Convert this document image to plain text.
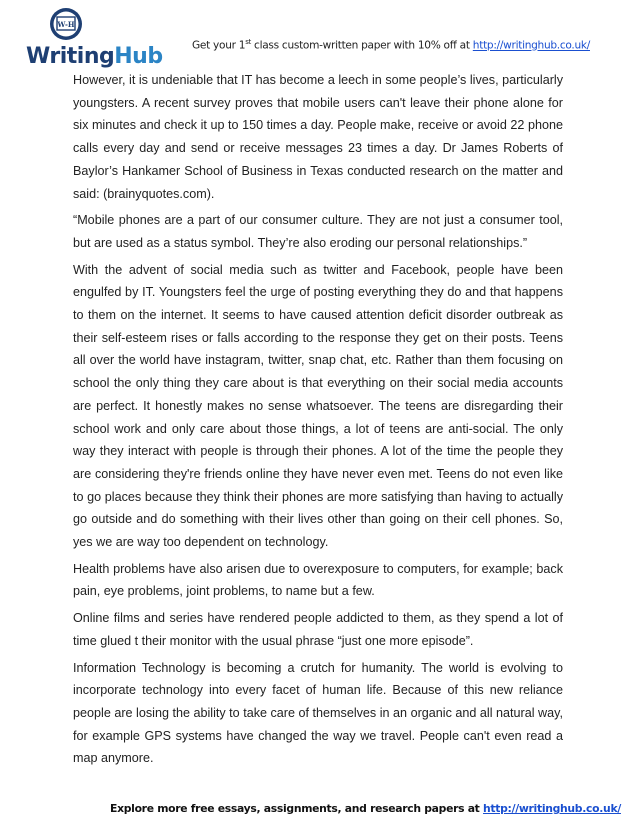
W-H
WritingHub	Get your 1st class custom-written paper with 10% off at http://writinghub.co.uk/

However, it is undeniable that IT has become a leech in some people’s lives, particularly youngsters. A recent survey proves that mobile users can't leave their phone alone for six minutes and check it up to 150 times a day. People make, receive or avoid 22 phone calls every day and send or receive messages 23 times a day. Dr James Roberts of Baylor’s Hankamer School of Business in Texas conducted research on the matter and said: (brainyquotes.com).

“Mobile phones are a part of our consumer culture. They are not just a consumer tool, but are used as a status symbol. They’re also eroding our personal relationships.”

With the advent of social media such as twitter and Facebook, people have been engulfed by IT. Youngsters feel the urge of posting everything they do and that happens to them on the internet. It seems to have caused attention deficit disorder outbreak as their self-esteem rises or falls according to the response they get on their posts. Teens all over the world have instagram, twitter, snap chat, etc. Rather than them focusing on school the only thing they care about is that everything on their social media accounts are perfect. It honestly makes no sense whatsoever. The teens are disregarding their school work and only care about those things, a lot of teens are anti-social. The only way they interact with people is through their phones. A lot of the time the people they are considering they're friends online they have never even met. Teens do not even like to go places because they think their phones are more satisfying than having to actually go outside and do something with their lives other than going on their cell phones. So, yes we are way too dependent on technology.

Health problems have also arisen due to overexposure to computers, for example; back pain, eye problems, joint problems, to name but a few.

Online films and series have rendered people addicted to them, as they spend a lot of time glued t their monitor with the usual phrase “just one more episode”.

Information Technology is becoming a crutch for humanity. The world is evolving to incorporate technology into every facet of human life. Because of this new reliance people are losing the ability to take care of themselves in an organic and all natural way, for example GPS systems have changed the way we travel. People can't even read a map anymore.

Explore more free essays, assignments, and research papers at http://writinghub.co.uk/
